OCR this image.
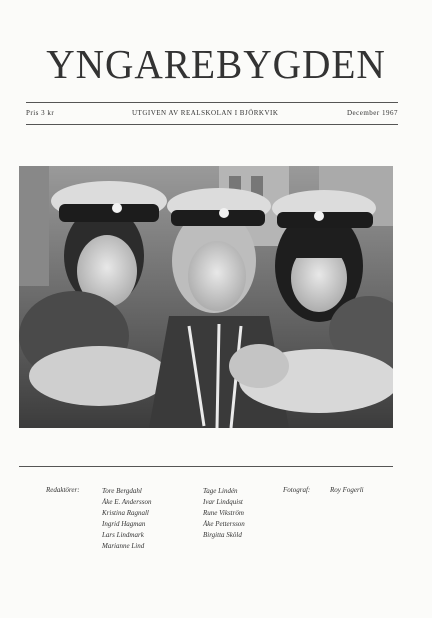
YNGAREBYGDEN
Pris 3 kr	UTGIVEN AV REALSKOLAN I BJÖRKVIK	December 1967
Redaktörer:	Tore Bergdahl
Åke E. Andersson
Kristina Ragnall
Ingrid Hagman
Lars Lindmark
Marianne Lind
Tage Lindén
Ivar Lindquist
Rune Vikström
Åke Pettersson
Birgitta Sköld
Fotograf:	Roy Fogerli
